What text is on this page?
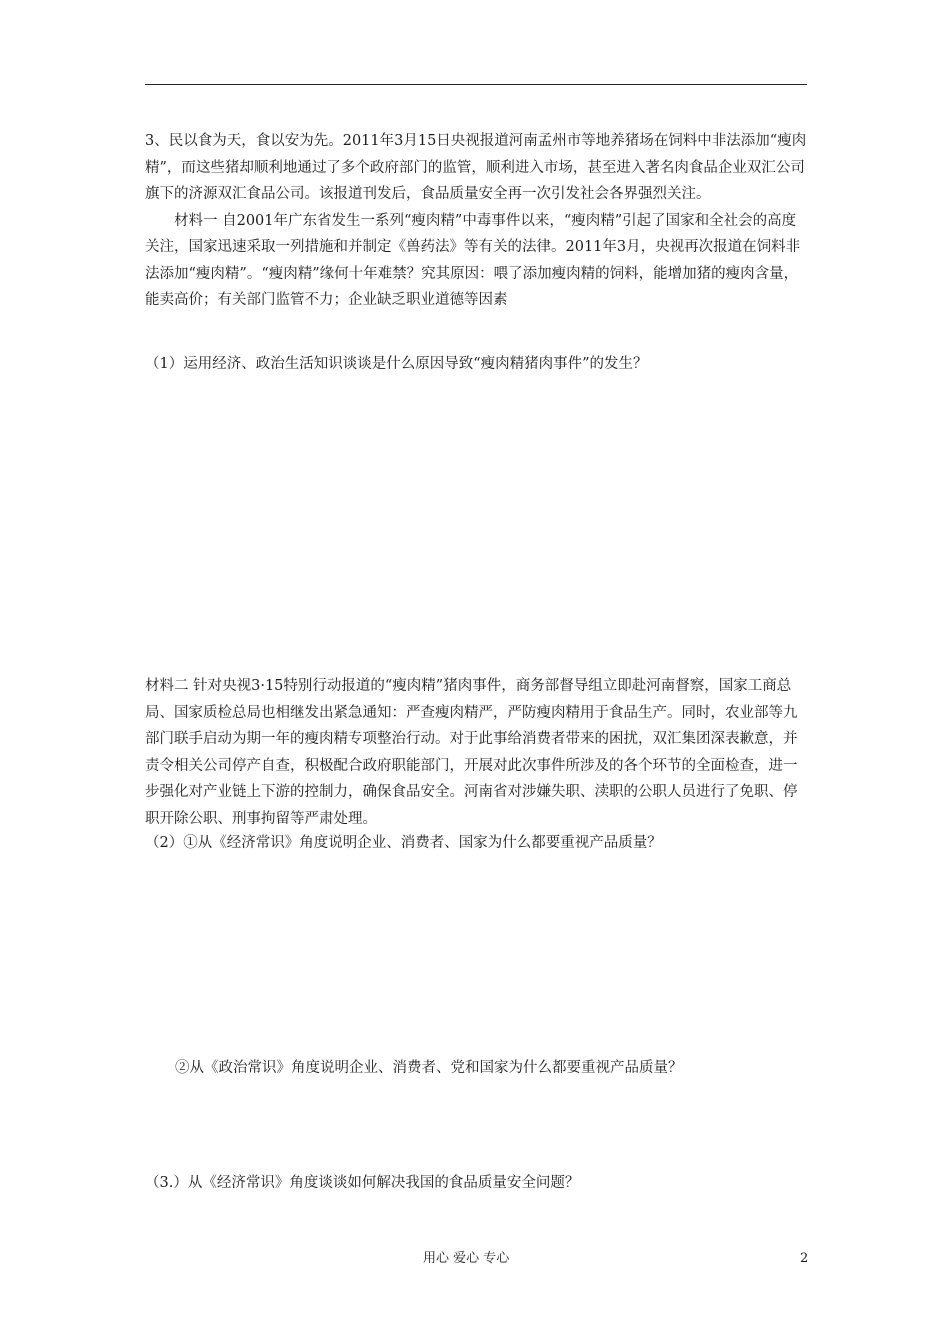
3、民以食为天，食以安为先。2011年3月15日央视报道河南孟州市等地养猪场在饲料中非法添加“瘦肉精”，而这些猪却顺利地通过了多个政府部门的监管，顺利进入市场，甚至进入著名肉食品企业双汇公司旗下的济源双汇食品公司。该报道刊发后，食品质量安全再一次引发社会各界强烈关注。

材料一 自2001年广东省发生一系列“瘦肉精”中毒事件以来，“瘦肉精”引起了国家和全社会的高度关注，国家迅速采取一列措施和并制定《兽药法》等有关的法律。2011年3月，央视再次报道在饲料非法添加“瘦肉精”。“瘦肉精”缘何十年难禁？究其原因：喂了添加瘦肉精的饲料，能增加猪的瘦肉含量，能卖高价；有关部门监管不力；企业缺乏职业道德等因素

（1）运用经济、政治生活知识谈谈是什么原因导致“瘦肉精猪肉事件”的发生？

材料二 针对央视3·15特别行动报道的“瘦肉精”猪肉事件，商务部督导组立即赴河南督察，国家工商总局、国家质检总局也相继发出紧急通知：严查瘦肉精严，严防瘦肉精用于食品生产。同时，农业部等九部门联手启动为期一年的瘦肉精专项整治行动。对于此事给消费者带来的困扰，双汇集团深表歉意，并责令相关公司停产自查，积极配合政府职能部门，开展对此次事件所涉及的各个环节的全面检查，进一步强化对产业链上下游的控制力，确保食品安全。河南省对涉嫌失职、渎职的公职人员进行了免职、停职开除公职、刑事拘留等严肃处理。

（2）①从《经济常识》角度说明企业、消费者、国家为什么都要重视产品质量？
②从《政治常识》角度说明企业、消费者、党和国家为什么都要重视产品质量？
（3.）从《经济常识》角度谈谈如何解决我国的食品质量安全问题？
用心 爱心 专心	2
